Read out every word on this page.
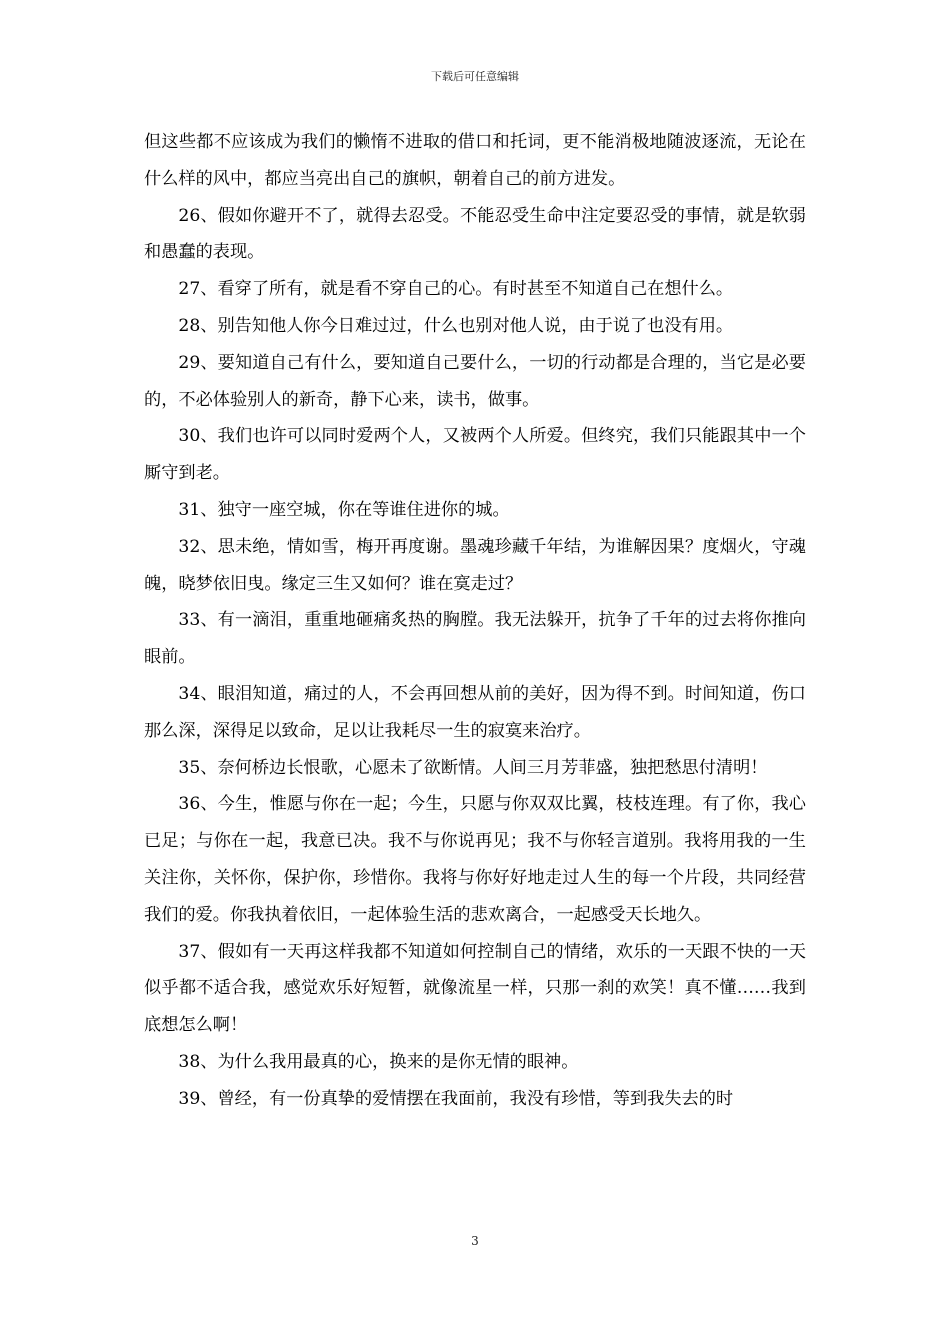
下载后可任意编辑

但这些都不应该成为我们的懒惰不进取的借口和托词，更不能消极地随波逐流，无论在什么样的风中，都应当亮出自己的旗帜，朝着自己的前方进发。

26、假如你避开不了，就得去忍受。不能忍受生命中注定要忍受的事情，就是软弱和愚蠢的表现。

27、看穿了所有，就是看不穿自己的心。有时甚至不知道自己在想什么。

28、别告知他人你今日难过过，什么也别对他人说，由于说了也没有用。

29、要知道自己有什么，要知道自己要什么，一切的行动都是合理的，当它是必要的，不必体验别人的新奇，静下心来，读书，做事。

30、我们也许可以同时爱两个人，又被两个人所爱。但终究，我们只能跟其中一个厮守到老。

31、独守一座空城，你在等谁住进你的城。

32、思未绝，情如雪，梅开再度谢。墨魂珍藏千年结，为谁解因果？度烟火，守魂魄，晓梦依旧曳。缘定三生又如何？谁在寞走过？

33、有一滴泪，重重地砸痛炙热的胸膛。我无法躲开，抗争了千年的过去将你推向眼前。

34、眼泪知道，痛过的人，不会再回想从前的美好，因为得不到。时间知道，伤口那么深，深得足以致命，足以让我耗尽一生的寂寞来治疗。

35、奈何桥边长恨歌，心愿未了欲断情。人间三月芳菲盛，独把愁思付清明！

36、今生，惟愿与你在一起；今生，只愿与你双双比翼，枝枝连理。有了你，我心已足；与你在一起，我意已决。我不与你说再见；我不与你轻言道别。我将用我的一生关注你，关怀你，保护你，珍惜你。我将与你好好地走过人生的每一个片段，共同经营我们的爱。你我执着依旧，一起体验生活的悲欢离合，一起感受天长地久。

37、假如有一天再这样我都不知道如何控制自己的情绪，欢乐的一天跟不快的一天似乎都不适合我，感觉欢乐好短暂，就像流星一样，只那一刹的欢笑！真不懂……我到底想怎么啊！

38、为什么我用最真的心，换来的是你无情的眼神。

39、曾经，有一份真挚的爱情摆在我面前，我没有珍惜，等到我失去的时

3
